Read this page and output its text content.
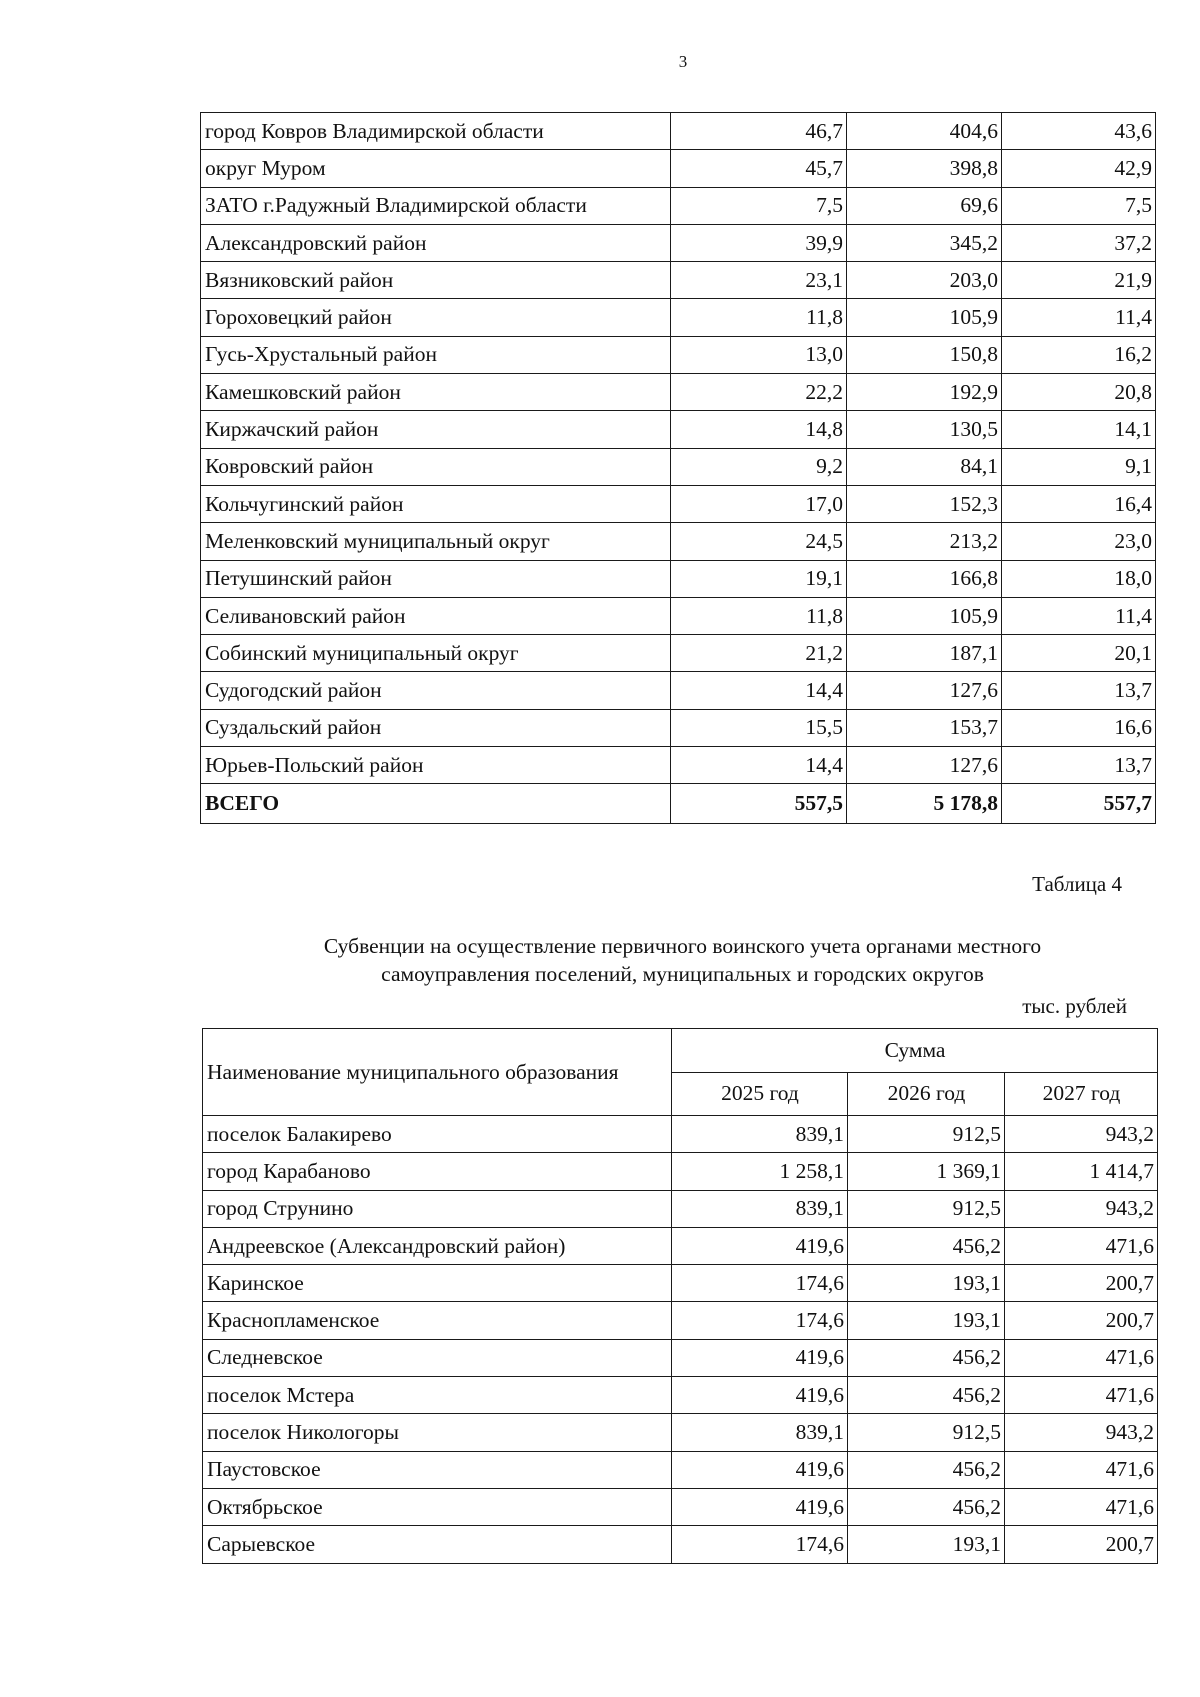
3
город Ковров Владимирской области	46,7	404,6	43,6
округ Муром	45,7	398,8	42,9
ЗАТО г.Радужный Владимирской области	7,5	69,6	7,5
Александровский район	39,9	345,2	37,2
Вязниковский район	23,1	203,0	21,9
Гороховецкий район	11,8	105,9	11,4
Гусь-Хрустальный район	13,0	150,8	16,2
Камешковский район	22,2	192,9	20,8
Киржачский район	14,8	130,5	14,1
Ковровский район	9,2	84,1	9,1
Кольчугинский район	17,0	152,3	16,4
Меленковский муниципальный округ	24,5	213,2	23,0
Петушинский район	19,1	166,8	18,0
Селивановский район	11,8	105,9	11,4
Собинский муниципальный округ	21,2	187,1	20,1
Судогодский район	14,4	127,6	13,7
Суздальский район	15,5	153,7	16,6
Юрьев-Польский район	14,4	127,6	13,7
ВСЕГО	557,5	5 178,8	557,7
Таблица 4
Субвенции на осуществление первичного воинского учета органами местного
самоуправления поселений, муниципальных и городских округов
тыс. рублей
Наименование муниципального образования	Сумма		
	2025 год	2026 год	2027 год
поселок Балакирево	839,1	912,5	943,2
город Карабаново	1 258,1	1 369,1	1 414,7
город Струнино	839,1	912,5	943,2
Андреевское (Александровский район)	419,6	456,2	471,6
Каринское	174,6	193,1	200,7
Краснопламенское	174,6	193,1	200,7
Следневское	419,6	456,2	471,6
поселок Мстера	419,6	456,2	471,6
поселок Никологоры	839,1	912,5	943,2
Паустовское	419,6	456,2	471,6
Октябрьское	419,6	456,2	471,6
Сарыевское	174,6	193,1	200,7
